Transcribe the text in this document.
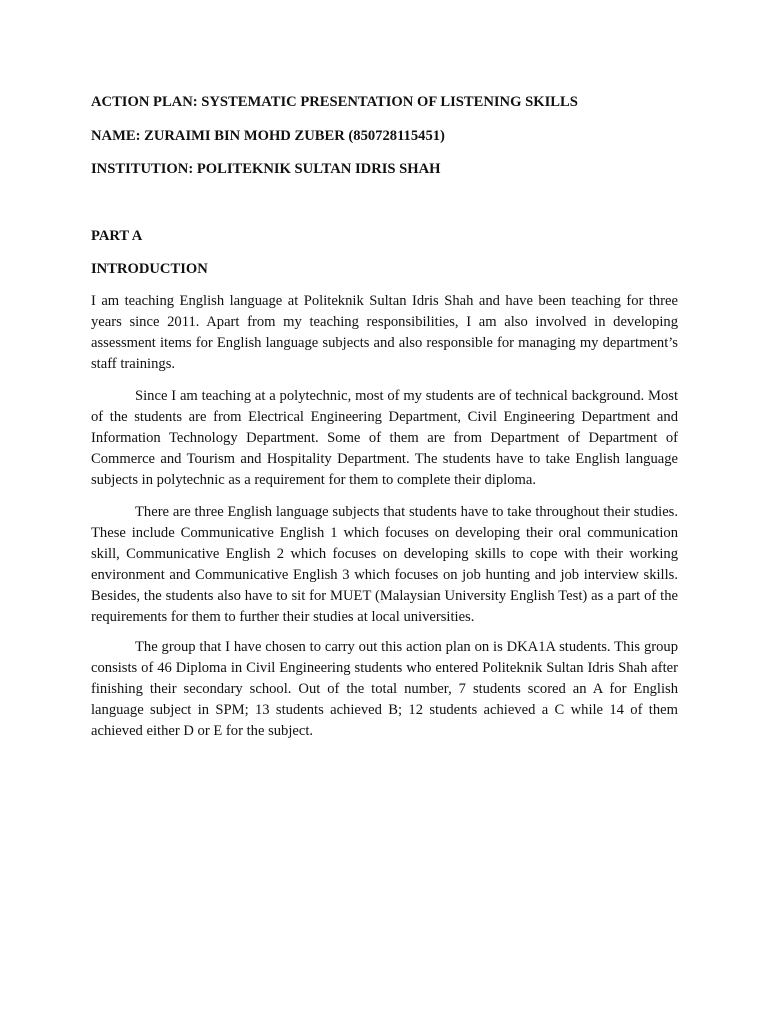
ACTION PLAN: SYSTEMATIC PRESENTATION OF LISTENING SKILLS

NAME: ZURAIMI BIN MOHD ZUBER (850728115451)

INSTITUTION: POLITEKNIK SULTAN IDRIS SHAH

PART A

INTRODUCTION

I am teaching English language at Politeknik Sultan Idris Shah and have been teaching for three years since 2011. Apart from my teaching responsibilities, I am also involved in developing assessment items for English language subjects and also responsible for managing my department’s staff trainings.

Since I am teaching at a polytechnic, most of my students are of technical background. Most of the students are from Electrical Engineering Department, Civil Engineering Department and Information Technology Department. Some of them are from Department of Department of Commerce and Tourism and Hospitality Department. The students have to take English language subjects in polytechnic as a requirement for them to complete their diploma.

There are three English language subjects that students have to take throughout their studies. These include Communicative English 1 which focuses on developing their oral communication skill, Communicative English 2 which focuses on developing skills to cope with their working environment and Communicative English 3 which focuses on job hunting and job interview skills. Besides, the students also have to sit for MUET (Malaysian University English Test) as a part of the requirements for them to further their studies at local universities.

The group that I have chosen to carry out this action plan on is DKA1A students. This group consists of 46 Diploma in Civil Engineering students who entered Politeknik Sultan Idris Shah after finishing their secondary school. Out of the total number, 7 students scored an A for English language subject in SPM; 13 students achieved B; 12 students achieved a C while 14 of them achieved either D or E for the subject.
